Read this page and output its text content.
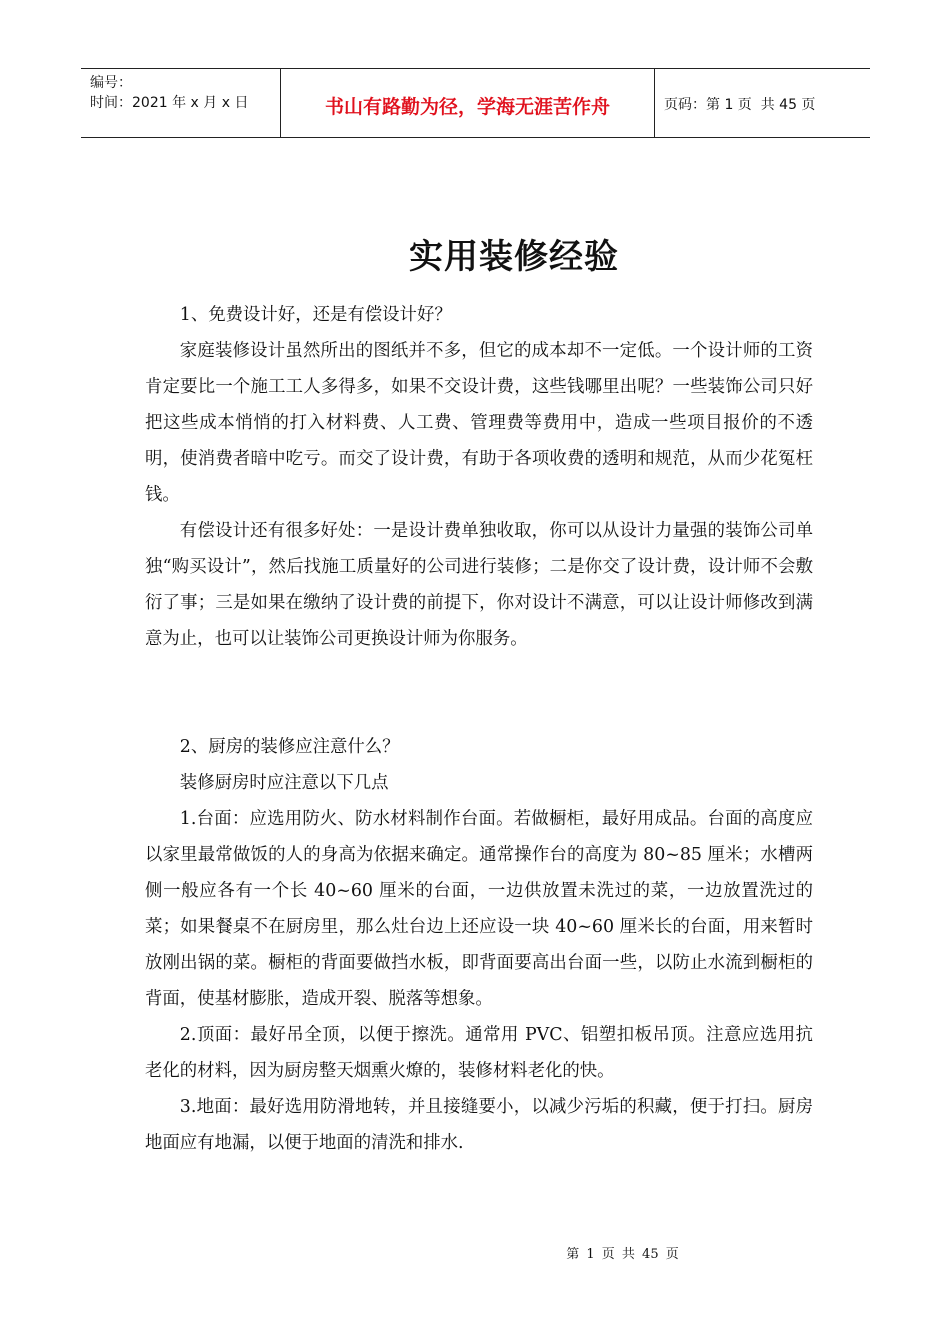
编号：
时间：2021 年 x 月 x 日	书山有路勤为径，学海无涯苦作舟	页码：第 1 页  共 45 页
实用装修经验

1、免费设计好，还是有偿设计好？

家庭装修设计虽然所出的图纸并不多，但它的成本却不一定低。一个设计师的工资肯定要比一个施工工人多得多，如果不交设计费，这些钱哪里出呢？一些装饰公司只好把这些成本悄悄的打入材料费、人工费、管理费等费用中，造成一些项目报价的不透明，使消费者暗中吃亏。而交了设计费，有助于各项收费的透明和规范，从而少花冤枉钱。

有偿设计还有很多好处：一是设计费单独收取，你可以从设计力量强的装饰公司单独“购买设计”，然后找施工质量好的公司进行装修；二是你交了设计费，设计师不会敷衍了事；三是如果在缴纳了设计费的前提下，你对设计不满意，可以让设计师修改到满意为止，也可以让装饰公司更换设计师为你服务。

2、厨房的装修应注意什么？

装修厨房时应注意以下几点

1.台面：应选用防火、防水材料制作台面。若做橱柜，最好用成品。台面的高度应以家里最常做饭的人的身高为依据来确定。通常操作台的高度为 80~85 厘米；水槽两侧一般应各有一个长 40~60 厘米的台面，一边供放置未洗过的菜，一边放置洗过的菜；如果餐桌不在厨房里，那么灶台边上还应设一块 40~60 厘米长的台面，用来暂时放刚出锅的菜。橱柜的背面要做挡水板，即背面要高出台面一些，以防止水流到橱柜的背面，使基材膨胀，造成开裂、脱落等想象。

2.顶面：最好吊全顶，以便于擦洗。通常用 PVC、铝塑扣板吊顶。注意应选用抗老化的材料，因为厨房整天烟熏火燎的，装修材料老化的快。

3.地面：最好选用防滑地转，并且接缝要小，以减少污垢的积藏，便于打扫。厨房地面应有地漏，以便于地面的清洗和排水.

第 1 页 共 45 页
